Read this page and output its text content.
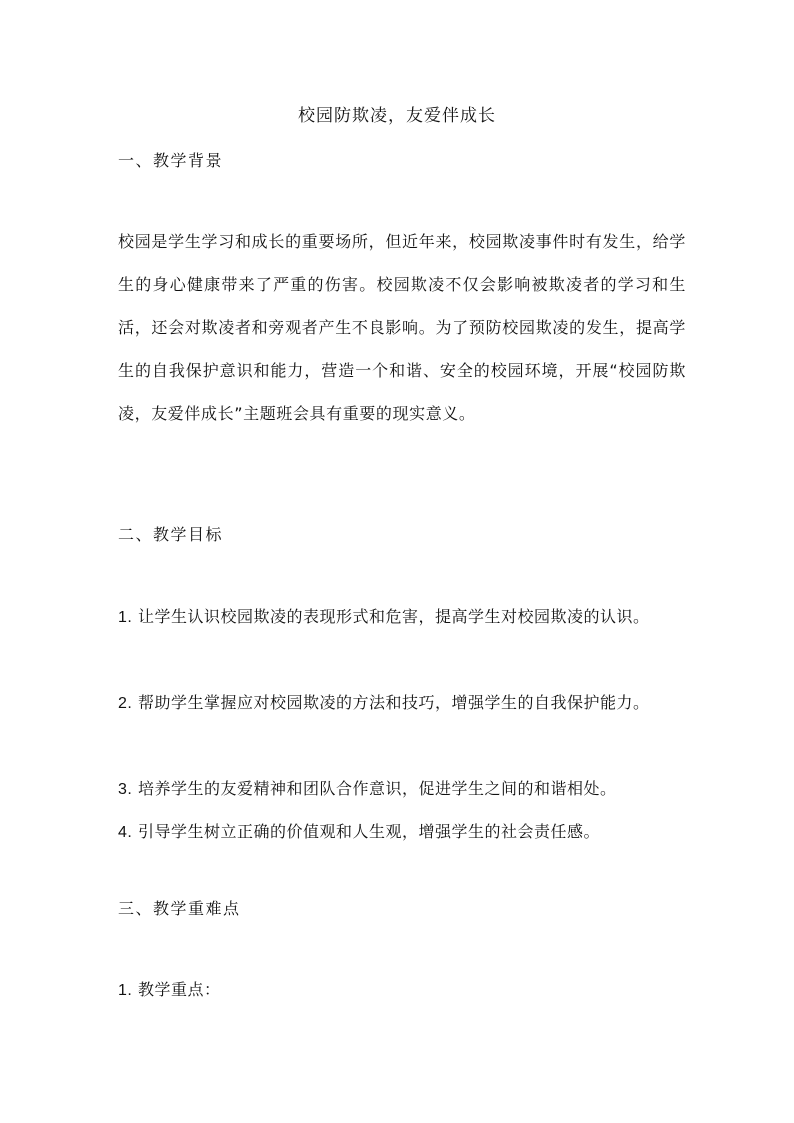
校园防欺凌，友爱伴成长
一、教学背景
校园是学生学习和成长的重要场所，但近年来，校园欺凌事件时有发生，给学生的身心健康带来了严重的伤害。校园欺凌不仅会影响被欺凌者的学习和生活，还会对欺凌者和旁观者产生不良影响。为了预防校园欺凌的发生，提高学生的自我保护意识和能力，营造一个和谐、安全的校园环境，开展“校园防欺凌，友爱伴成长”主题班会具有重要的现实意义。
二、教学目标
1. 让学生认识校园欺凌的表现形式和危害，提高学生对校园欺凌的认识。
2. 帮助学生掌握应对校园欺凌的方法和技巧，增强学生的自我保护能力。
3. 培养学生的友爱精神和团队合作意识，促进学生之间的和谐相处。
4. 引导学生树立正确的价值观和人生观，增强学生的社会责任感。
三、教学重难点
1. 教学重点：
